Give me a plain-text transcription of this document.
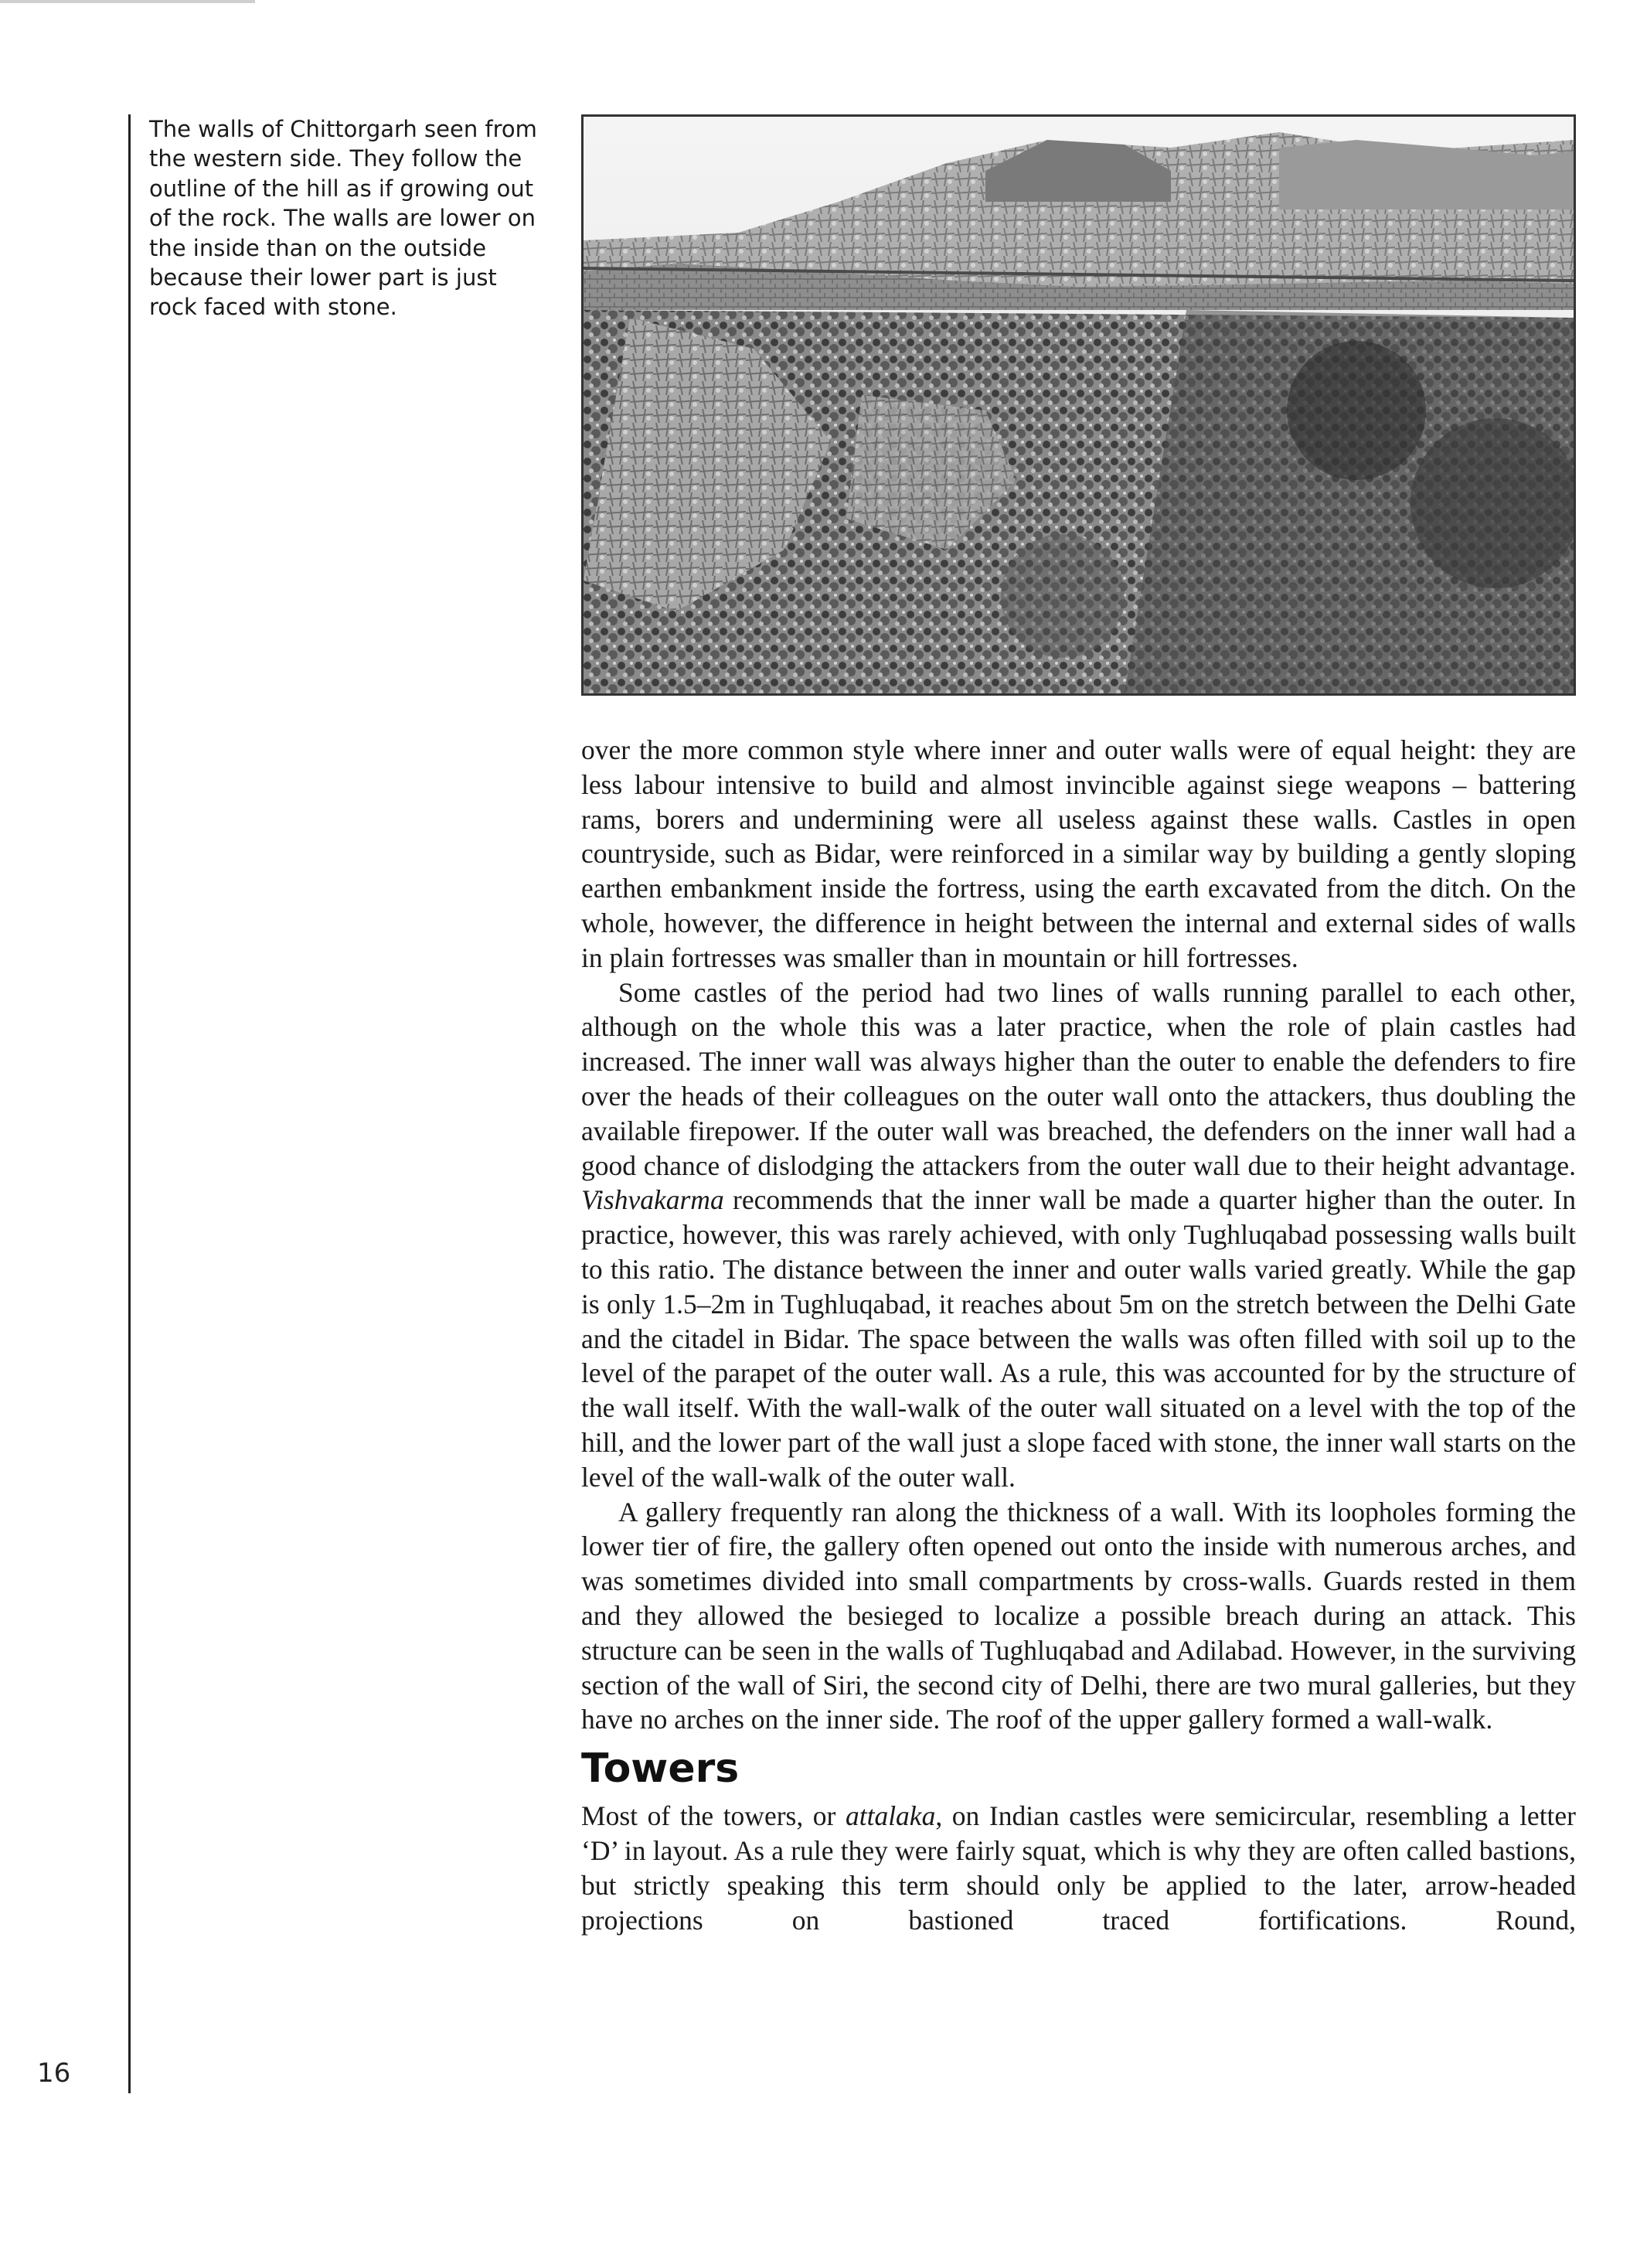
16
The walls of Chittorgarh seen from the western side. They follow the outline of the hill as if growing out of the rock. The walls are lower on the inside than on the outside because their lower part is just rock faced with stone.

over the more common style where inner and outer walls were of equal height: they are less labour intensive to build and almost invincible against siege weapons – battering rams, borers and undermining were all useless against these walls. Castles in open countryside, such as Bidar, were reinforced in a similar way by building a gently sloping earthen embankment inside the fortress, using the earth excavated from the ditch. On the whole, however, the difference in height between the internal and external sides of walls in plain fortresses was smaller than in mountain or hill fortresses.

Some castles of the period had two lines of walls running parallel to each other, although on the whole this was a later practice, when the role of plain castles had increased. The inner wall was always higher than the outer to enable the defenders to fire over the heads of their colleagues on the outer wall onto the attackers, thus doubling the available firepower. If the outer wall was breached, the defenders on the inner wall had a good chance of dislodging the attackers from the outer wall due to their height advantage. Vishvakarma recommends that the inner wall be made a quarter higher than the outer. In practice, however, this was rarely achieved, with only Tughluqabad possessing walls built to this ratio. The distance between the inner and outer walls varied greatly. While the gap is only 1.5–2m in Tughluqabad, it reaches about 5m on the stretch between the Delhi Gate and the citadel in Bidar. The space between the walls was often filled with soil up to the level of the parapet of the outer wall. As a rule, this was accounted for by the structure of the wall itself. With the wall-walk of the outer wall situated on a level with the top of the hill, and the lower part of the wall just a slope faced with stone, the inner wall starts on the level of the wall-walk of the outer wall.

A gallery frequently ran along the thickness of a wall. With its loopholes forming the lower tier of fire, the gallery often opened out onto the inside with numerous arches, and was sometimes divided into small compartments by cross-walls. Guards rested in them and they allowed the besieged to localize a possible breach during an attack. This structure can be seen in the walls of Tughluqabad and Adilabad. However, in the surviving section of the wall of Siri, the second city of Delhi, there are two mural galleries, but they have no arches on the inner side. The roof of the upper gallery formed a wall-walk.

Towers

Most of the towers, or attalaka, on Indian castles were semicircular, resembling a letter ‘D’ in layout. As a rule they were fairly squat, which is why they are often called bastions, but strictly speaking this term should only be applied to the later, arrow-headed projections on bastioned traced fortifications. Round,
